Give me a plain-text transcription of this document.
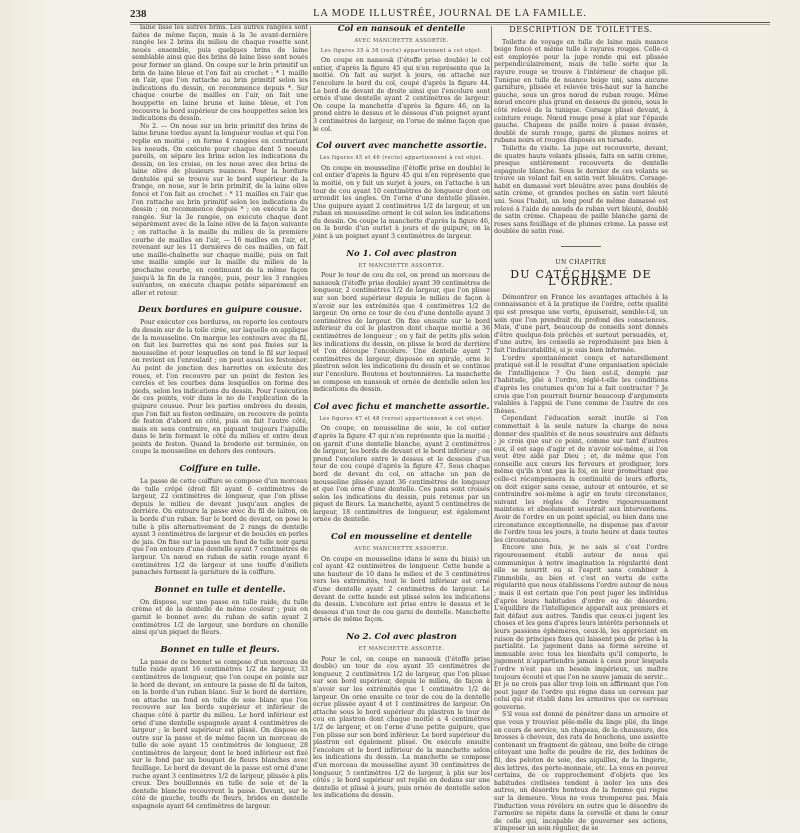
238	LA MODE ILLUSTRÉE, JOURNAL DE LA FAMILLE.

laine lisse les autres brins. Les autres rangées sont faites de même façon, mais à la 3e avant-dernière rangée les 2 brins du milieu de chaque rosette sont noués ensemble, puis quelques brins de laine semblable ainsi que des brins de laine lisse sont noués pour former un gland. On coupe sur le brin primitif un brin de laine bleue et l'on fait au crochet : * 1 maille en l'air, que l'on rattache au brin primitif selon les indications du dessin, on recommence depuis *. Sur chaque courbe de mailles en l'air, on fait une houppette en laine brune et laine bleue, et l'on recouvre le bord supérieur de ces houppettes selon les indications du dessin.

No 2. — On noue sur un brin primitif des brins de laine brune tordue ayant la longueur voulue et qui l'on replie en moitié ; on forme 4 rangées en contrariant les noeuds. On exécute pour chaque dent 5 noeuds pareils, on sépare les brins selon les indications du dessin, on les croise, on les noue avec des brins de laine olive de plusieurs nuances. Pour la bordure dentelée qui se trouve sur le bord supérieur de la frange, on noue, sur le brin primitif, de la laine olive foncé et l'on fait au crochet : * 11 mailles en l'air que l'on rattache au brin primitif selon les indications du dessin ; on recommence depuis * ; on exécute la 2e rangée. Sur la 3e rangée, on exécute chaque dent séparément avec de la laine olive de la façon suivante ; on rattache à la maille du milieu de la première courbe de mailles en l'air, — 16 mailles en l'air, et, revenant sur les 11 dernières de ces mailles, on fait une maille-chaînette sur chaque maille, puis on fait une maille simple sur la maille du milieu de la prochaine courbe, en continuant de la même façon jusqu'à la fin de la rangée, puis, pour les 3 rangées suivantes, on exécute chaque pointe séparément en aller et retour.

Deux bordures en guipure cousue.

Pour exécuter ces bordures, on reporte les contours du dessin sur de la toile cirée, sur laquelle on applique de la mousseline. On marque les contours avec du fil, on fait les barrettes qui ne sont pas fixées sur la mousseline et pour lesquelles on tend le fil sur lequel on revient en l'enroulant ; on peut aussi les festonner. Au point de jonction des barrettes on exécute des roues, et l'on recouvre par un point de feston les cercles et les courbes dans lesquelles on forme des pieds, selon les indications du dessin. Pour l'exécution de ces points, voir dans le no de l'explication de la guipure cousue. Pour les parties ombrées du dessin, que l'on fait au feston ordinaire, on recouvre de points de feston d'abord en côté, puis on fait l'autre côté, mais en sens contraire, en piquant toujours l'aiguille dans le brin formant le côté du milieu et entre deux points de feston. Quand la broderie est terminée, on coupe la mousseline en dehors des contours.

Coiffure en tulle.

La passe de cette coiffure se compose d'un morceau de tulle crêpé (droit fil) ayant 6 centimètres de largeur, 22 centimètres de longueur, que l'on plisse depuis le milieu de devant jusqu'aux angles de derrière. On entoure la passe avec du fil de laiton, on la borde d'un ruban. Sur le bord de devant, on pose le tulle à plis alternativement de 2 rangs de dentelle ayant 3 centimètres de largeur et de bouclés en perles de jais. On fixe sur la passe un fond de tulle noir garni que l'on entoure d'une dentelle ayant 7 centimètres de largeur. Un nœud en ruban de satin rouge ayant 6 centimètres 1/2 de largeur et une touffe d'œillets panachés forment la garniture de la coiffure.

Bonnet en tulle et dentelle.

On dispose, sur une passe en tulle raide, du tulle crème et de la dentelle de même couleur ; puis on garnit le bonnet avec du ruban de satin ayant 2 centimètres 1/2 de largeur, une bordure en chenille ainsi qu'un piquet de fleurs.

Bonnet en tulle et fleurs.

La passe de ce bonnet se compose d'un morceau de tulle raide ayant 16 centimètres 1/2 de largeur, 33 centimètres de longueur, que l'on coupe en pointe sur le bord de devant, on entoure la passe de fil de laiton, on la borde d'un ruban blanc. Sur le bord de derrière, on attache un fond en tulle de soie blanc que l'on recouvre sur les bords supérieur et inférieur de chaque côté à partir du milieu. Le bord inférieur est orné d'une dentelle espagnole ayant 4 centimètres de largeur ; le bord supérieur est plissé. On dispose en outre sur la passe et de même façon un morceau de tulle de soie ayant 15 centimètres de longueur, 28 centimètres de largeur, dont le bord inférieur est fixé sur le fond par un bouquet de fleurs blanches avec feuillage. Le bord de devant de la passe est orné d'une ruche ayant 3 centimètres 1/2 de largeur, plissée à plis creux. Des bouillonnés en tulle de soie et de la dentelle blanche recouvrent la passe. Devant, sur le côté de gauche, touffe de fleurs, brides en dentelle espagnole ayant 64 centimètres de largeur.

Col en nansouk et dentelle
AVEC MANCHETTE ASSORTIE.
Les figures 35 à 36 (recto) appartiennent à cet objet.

On coupe en nansouk (l'étoffe prise double) le col entier, d'après la figure 45 qui n'en représente que la moitié. On fait au surjet à jours, on attache sur l'encolure le bord du col, coupé d'après la figure 44. Le bord de devant de droite ainsi que l'encolure sont ornés d'une dentelle ayant 2 centimètres de largeur. On coupe la manchette d'après la figure 46, on la prend entre le dessus et le dessous d'un poignet ayant 3 centimètres de largeur, on l'orne de même façon que le col.

Col ouvert avec manchette assortie.
Les figures 45 et 46 (recto) appartiennent à cet objet.

On coupe en mousseline (l'étoffe prise en double) le col entier d'après la figure 45 qui n'en représente que la moitié, on y fait un surjet à jours, on l'attache à un tour de cou ayant 10 centimètres de longueur dont on arrondit les angles. On l'orne d'une dentelle plissée. Une guipure ayant 2 centimètres 1/2 de largeur, et un ruban en mousseline ornent le col selon les indications du dessin. On coupe la manchette d'après la figure 46, on la borde d'un ourlet à jours et de guipure, on la joint à un poignet ayant 3 centimètres de largeur.

No 1. Col avec plastron
ET MANCHETTE ASSORTIE.

Pour le tour de cou du col, on prend un morceau de nansouk (l'étoffe prise double) ayant 39 centimètres de longueur, 2 centimètres 1/2 de largeur, que l'on plisse sur son bord supérieur depuis le milieu de façon à n'avoir sur les extrémités que 4 centimètres 1/2 de largeur. On orne ce tour de cou d'une dentelle ayant 3 centimètres de largeur. On fixe ensuite sur le bord inférieur du col le plastron dont chaque moitié a 36 centimètres de longueur ; on y fait de petits plis selon les indications du dessin, on plisse le bord de derrière et l'on découpe l'encolure. Une dentelle ayant 7 centimètres de largeur, disposée en spirale, orne le plastron selon les indications du dessin et se continue sur l'encolure. Boutons et boutonnières. La manchette se compose en nansouk et ornée de dentelle selon les indications du dessin.

Col avec fichu et manchette assortie.
Les figures 47 et 48 (verso) appartiennent à cet objet.

On coupe, en mousseline de soie, le col entier d'après la figure 47 qui n'en représente que la moitié ; on garnit d'une dentelle blanche, ayant 2 centimètres de largeur, les bords de devant et le bord inférieur ; on prend l'encolure entre le dessus et le dessous d'un tour de cou coupé d'après la figure 47. Sous chaque bord de devant du col, on attache un pan de mousseline plissée ayant 36 centimètres de longueur et que l'on orne d'une dentelle. Ces pans sont croisés selon les indications du dessin, puis retenus par un piquet de fleurs. La manchette, ayant 5 centimètres de largeur, 18 centimètres de longueur, est également ornée de dentelle.

Col en mousseline et dentelle
AVEC MANCHETTE ASSORTIE.

On coupe en mousseline (dans le sens du biais) un col ayant 42 centimètres de longueur. Cette bande a une hauteur de 10 dans le milieu et de 3 centimètres vers les extrémités, tout le bord inférieur est orné d'une dentelle ayant 2 centimètres de largeur. Le devant de cette bande est plissé selon les indications du dessin. L'encolure est prise entre le dessus et le dessous d'un tour de cou garni de dentelle. Manchette ornée de même façon.

No 2. Col avec plastron
ET MANCHETTE ASSORTIE.

Pour le col, on coupe en nansouk (l'étoffe prise double) un tour de cou ayant 35 centimètres de longueur, 2 centimètres 1/2 de largeur, que l'on plisse sur son bord supérieur, depuis le milieu, de façon à n'avoir sur les extrémités que 1 centimètre 1/2 de largeur. On orne ensuite ce tour de cou de la dentelle écrue plissée ayant 4 et 1 centimètres de largeur. On attache sous le bord supérieur du plastron le tour de cou en plastron dont chaque moitié a 4 centimètres 1/2 de largeur, et on l'orne d'une petite guipure, que l'on plisse sur son bord inférieur. Le bord supérieur du plastron est également plissé. On exécute ensuite l'encolure et le bord inférieur de la manchette selon les indications du dessin. La manchette se compose d'un morceau de mousseline ayant 30 centimètres de longueur, 5 centimètres 1/2 de largeur, à plis sur les côtés ; le bord supérieur est replié en dedans sur une dentelle et plissé à jours, puis ornée de dentelle selon les indications du dessin.

DESCRIPTION DE TOILETTES.

Toilette de voyage en tulle de laine mais nuance beige foncé et même tulle à rayures rouges. Celle-ci est employée pour la jupe ronde qui est plissée perpendiculairement, mais de telle sorte que la rayure rouge se trouve à l'intérieur de chaque pli. Tunique en tulle de nuance beige uni, sans aucune garniture, plissée et relevée très-haut sur la hanche gauche, sous un gros nœud de ruban rouge. Même nœud encore plus grand en dessous du genou, sous le côté relevé de la tunique. Corsage plissé devant, à ceinture rouge. Nœud rouge posé à plat sur l'épaule gauche. Chapeau de paille noire à passe évasée, doublé de surah rouge, garni de plumes noires et rubans noirs et rouges disposés en torsade.

Toilette de visite. La jupe est recouverte, devant, de quatre hauts volants plissés, faits en satin crème, presque entièrement recouverts de dentelle espagnole blanche. Sous le dernier de ces volants se trouve un volant fait en satin vert bleuâtre. Corsage-habit en damassé vert bleuâtre avec pans doublés de satin crème, et grandes poches en satin vert bleuté uni. Sous l'habit, un long pouf de même damassé est relevé à l'aide de nœuds de ruban vert bleuté, doublé de satin crème. Chapeau de paille blanche garni de roses sans feuillage et de plumes crème. La passe est doublée de satin rose.

UN CHAPITRE
DU CATÉCHISME DE L'ORDRE.

Démontrer en France les avantages attachés à la connaissance et à la pratique de l'ordre, cette qualité qui est presque une vertu, épuiserait, semble-t-il, un soin que l'on prendrait du profond des consciences. Mais, d'une part, beaucoup de conseils sont donnés d'être quelque-fois prêchés et surtout persuadés, et, d'une autre, les conseils se reproduisent pas bien à fait l'indiscutabilité, si je suis bien informée.

L'ordre spontanément conçu et naturellement pratiqué est-il le résultat d'une organisation spéciale de l'intelligence ? Ou bien est-il, dompté par l'habitude, plié à l'ordre, réglé-t-elle les conditions d'après les coutumes qu'on lui a fait contracter ? Je crois que l'on pourrait fournir beaucoup d'arguments valables à l'appui de l'une comme de l'autre de ces thèses.

Cependant l'éducation serait inutile si l'on commettait à la seule nature la charge de nous donner des qualités et de nous soustraire aux défauts ; je crois que sur ce point, comme sur tant d'autres eux, il est sage d'agir et de n'avoir soi-même, si l'on veut être aidé par Dieu ; et, de même que l'on conseille aux cœurs les ferveurs et prodiguer, lors même qu'ils n'ont pas la foi, en leur promettant que celle-ci récompensera la continuité de leurs efforts, on doit exiger sans cesse, autour et entourée, et se contraindre soi-même à agir en toute circonstance, suivant les règles de l'ordre rigoureusement maintenu et absolument soustrait aux interventions. Avoir de l'ordre en un point spécial, ou bien dans une circonstance exceptionnelle, ne dispense pas d'avoir de l'ordre tous les jours, à toute heure et dans toutes les circonstances.

Encore une fois, je ne sais si c'est l'ordre rigoureusement établi autour de nous qui communique à notre imagination la régularité dont elle se nourrit ou si l'esprit sans combiner à l'immobile, au bien et c'est en vertu de cette régularité que nous établissons l'ordre autour de nous ; mais il est certain que l'on peut juger les individus d'après leurs habitudes d'ordre ou de désordre. L'équilibre de l'intelligence apparaît aux premiers et fait défaut aux autres. Tandis que ceux-ci jugent les choses et les gens d'après leurs intérêts personnels et leurs passions éphémères, ceux-là, les appréciant en raison de principes fixes qui laissent peu de prise à la partialité. Le jugement dans sa forme sereine et immuable avec tous les bienfaits qu'il comporte, le jugement n'appartiendra jamais à ceux pour lesquels l'ordre n'est pas un besoin impérieux, un maître toujours écouté et que l'on ne sauve jamais de servir... Et je ne crois pas aller trop loin en affirmant que l'on peut juger de l'ordre qui règne dans un cerveau par celui qui est établi dans les armoires que ce cerveau gouverne.

S'il vous est donné de pénétrer dans un armoire et que vous y trouviez pêle-mêle du linge plié, du linge en cours de service, un chapeau, de la chaussure, des brosses à cheveux, des rats de bouchons, une assiette contenant un fragment de gâteau, une boîte de cirage côtoyant une boîte de poudre de riz, des bobines de fil, des peloton de soie, des aiguilles, de la lingerie, des lettres, des porte-monnaie, etc. La vous en pouvez certains, de ce rapprochement d'objets que les habitudes civilisées tendent à isoler les uns des autres, un désordre honteux de la femme qui règne sur la demeure. Vous ne vous tromperez pas. Mais l'induction vous révélera en outre que le désordre de l'armoire se répète dans la cervelle et dans le cœur de celle qui, incapable de gouverner ses actions, n'imposer un soin régulier, de se
